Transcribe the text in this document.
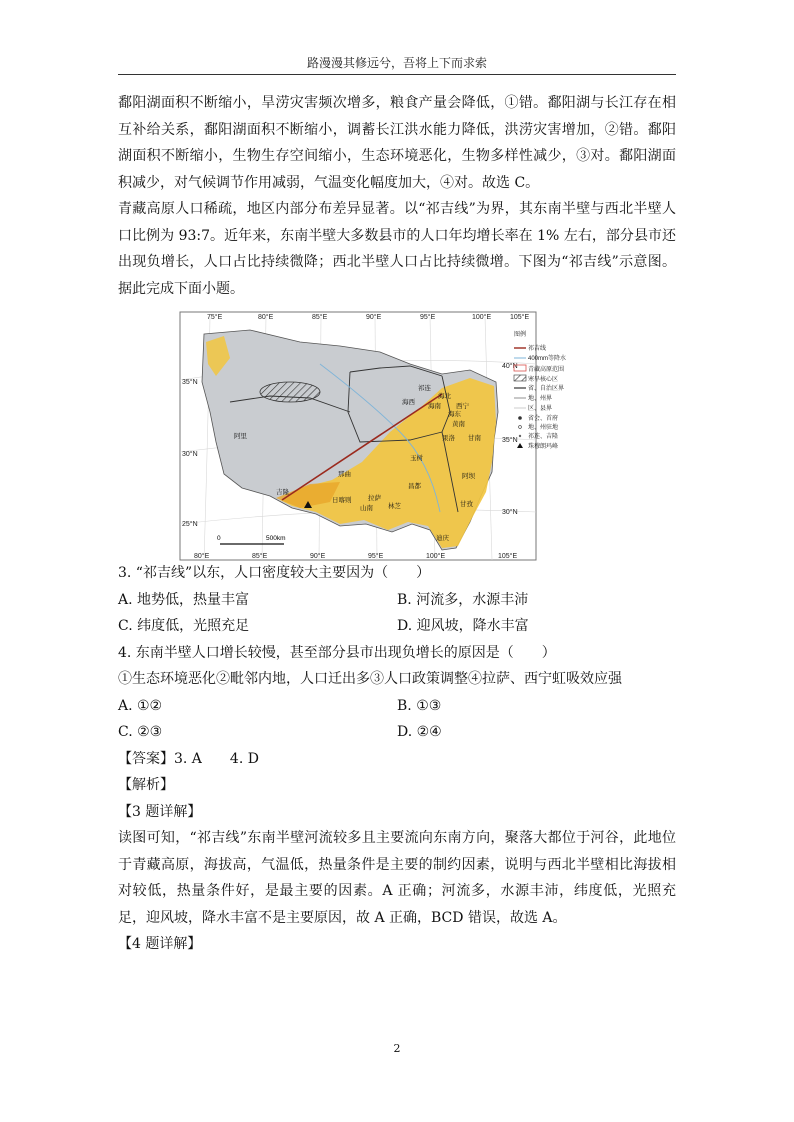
路漫漫其修远兮，吾将上下而求索

鄱阳湖面积不断缩小，旱涝灾害频次增多，粮食产量会降低，①错。鄱阳湖与长江存在相互补给关系，鄱阳湖面积不断缩小，调蓄长江洪水能力降低，洪涝灾害增加，②错。鄱阳湖面积不断缩小，生物生存空间缩小，生态环境恶化，生物多样性减少，③对。鄱阳湖面积减少，对气候调节作用减弱，气温变化幅度加大，④对。故选 C。

青藏高原人口稀疏，地区内部分布差异显著。以“祁吉线”为界，其东南半壁与西北半壁人口比例为 93:7。近年来，东南半壁大多数县市的人口年均增长率在 1% 左右，部分县市还出现负增长，人口占比持续微降；西北半壁人口占比持续微增。下图为“祁吉线”示意图。据此完成下面小题。

75°E	80°E	85°E	90°E	95°E	100°E	105°E
80°E	85°E	90°E	95°E	100°E	105°E
35°N
30°N
25°N
40°N
35°N
30°N
祁连
海西
海北
西宁
海南
海东
黄南
果洛 甘南
阿里
那曲
玉树
昌都
阿坝
拉萨
日喀则
林芝
山南
甘孜
迪庆
吉隆
0	500km
图例
祁吉线
400mm等降水
青藏高原范围
寒旱核心区
省、自治区界
地、州界
区、县界
省会、首府
地、州驻地
祁连、吉隆
珠穆朗玛峰

3. “祁吉线”以东，人口密度较大主要因为（　　）

A. 地势低，热量丰富	B. 河流多，水源丰沛
C. 纬度低，光照充足	D. 迎风坡，降水丰富

4. 东南半壁人口增长较慢，甚至部分县市出现负增长的原因是（　　）

①生态环境恶化②毗邻内地，人口迁出多③人口政策调整④拉萨、西宁虹吸效应强

A. ①②	B. ①③
C. ②③	D. ②④

【答案】3. A　　4. D

【解析】

【3 题详解】

读图可知，“祁吉线”东南半壁河流较多且主要流向东南方向，聚落大都位于河谷，此地位于青藏高原，海拔高，气温低，热量条件是主要的制约因素，说明与西北半壁相比海拔相对较低，热量条件好，是最主要的因素。A 正确；河流多，水源丰沛，纬度低，光照充足，迎风坡，降水丰富不是主要原因，故 A 正确，BCD 错误，故选 A。

【4 题详解】

2
